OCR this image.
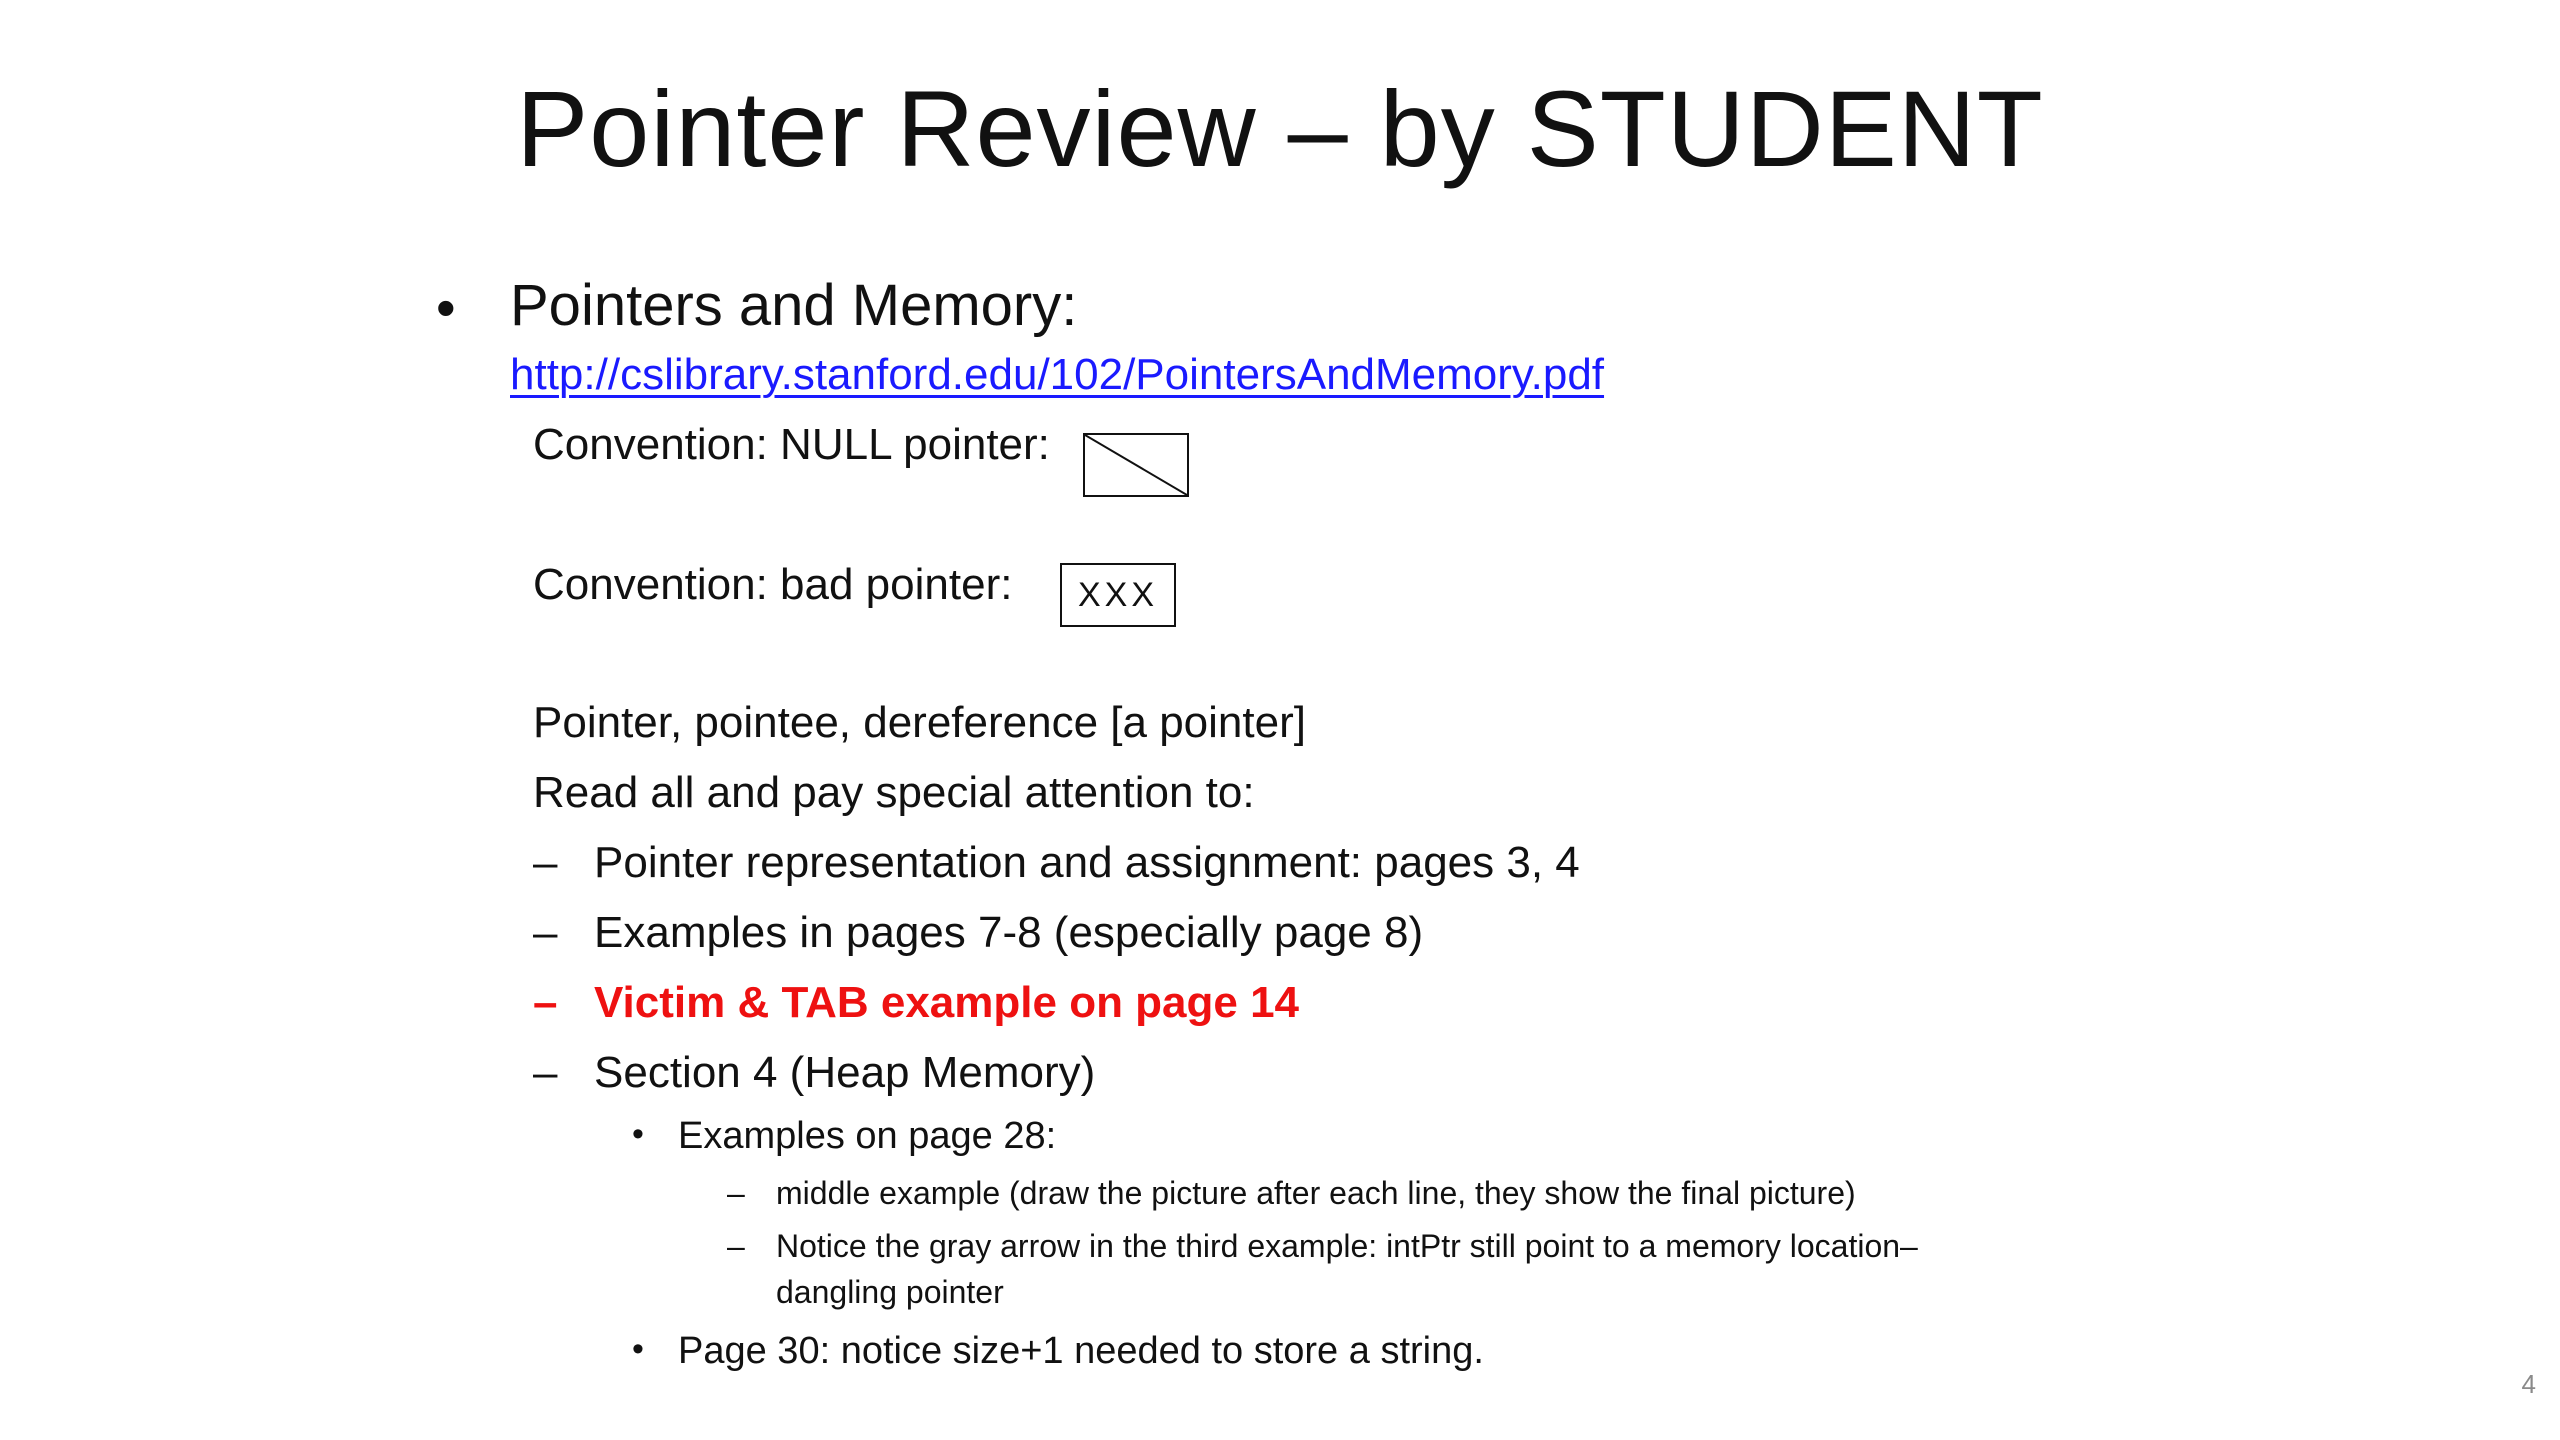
Pointer Review – by STUDENT
• Pointers and Memory:
http://cslibrary.stanford.edu/102/PointersAndMemory.pdf
Convention: NULL pointer:
Convention: bad pointer:	XXX
Pointer, pointee, dereference [a pointer]
Read all and pay special attention to:
– Pointer representation and assignment: pages 3, 4
– Examples in pages 7-8 (especially page 8)
– Victim & TAB example on page 14
– Section 4 (Heap Memory)
• Examples on page 28:
– middle example (draw the picture after each line, they show the final picture)
– Notice the gray arrow in the third example: intPtr still point to a memory location–
dangling pointer
• Page 30: notice size+1 needed to store a string.
4
